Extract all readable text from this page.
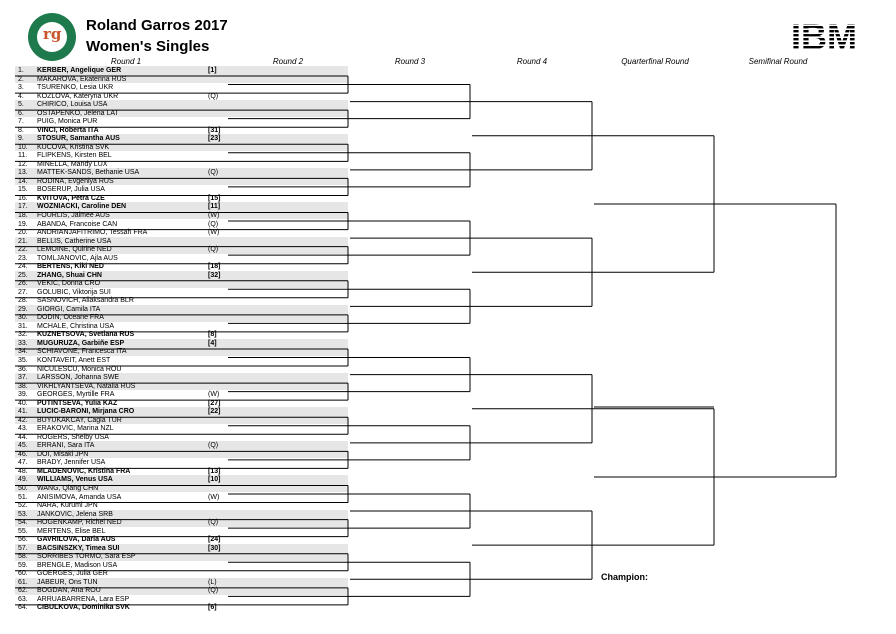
rg Roland Garros 2017
Women's Singles	IBM
Round 1	Round 2	Round 3	Round 4	Quarterfinal Round	Semifinal Round
1. KERBER, Angelique GER	[1]
2. MAKAROVA, Ekaterina RUS
3. TSURENKO, Lesia UKR
4. KOZLOVA, Kateryna UKR	(Q)
5. CHIRICO, Louisa USA
6. OSTAPENKO, Jelena LAT
7. PUIG, Monica PUR
8. VINCI, Roberta ITA	[31]
9. STOSUR, Samantha AUS	[23]
10. KUCOVA, Kristina SVK
11. FLIPKENS, Kirsten BEL
12. MINELLA, Mandy LUX
13. MATTEK-SANDS, Bethanie USA	(Q)
14. RODINA, Evgeniya RUS
15. BOSERUP, Julia USA
16. KVITOVA, Petra CZE	[15]
17. WOZNIACKI, Caroline DEN	[11]
18. FOURLIS, Jaimee AUS	(W)
19. ABANDA, Francoise CAN	(Q)
20. ANDRIANJAFITRIMO, Tessah FRA	(W)
21. BELLIS, Catherine USA
22. LEMOINE, Quirine NED	(Q)
23. TOMLJANOVIC, Ajla AUS
24. BERTENS, Kiki NED	[18]
25. ZHANG, Shuai CHN	[32]
26. VEKIC, Donna CRO
27. GOLUBIC, Viktorija SUI
28. SASNOVICH, Aliaksandra BLR
29. GIORGI, Camila ITA
30. DODIN, Oceane FRA
31. MCHALE, Christina USA
32. KUZNETSOVA, Svetlana RUS	[8]
33. MUGURUZA, Garbiñe ESP	[4]
34. SCHIAVONE, Francesca ITA
35. KONTAVEIT, Anett EST
36. NICULESCU, Monica ROU
37. LARSSON, Johanna SWE
38. VIKHLYANTSEVA, Natalia RUS
39. GEORGES, Myrtille FRA	(W)
40. PUTINTSEVA, Yulia KAZ	[27]
41. LUCIC-BARONI, Mirjana CRO	[22]
42. BUYUKAKCAY, Cagla TUR
43. ERAKOVIC, Marina NZL
44. ROGERS, Shelby USA
45. ERRANI, Sara ITA	(Q)
46. DOI, Misaki JPN
47. BRADY, Jennifer USA
48. MLADENOVIC, Kristina FRA	[13]
49. WILLIAMS, Venus USA	[10]
50. WANG, Qiang CHN
51. ANISIMOVA, Amanda USA	(W)
52. NARA, Kurumi JPN
53. JANKOVIC, Jelena SRB
54. HOGENKAMP, Richel NED	(Q)
55. MERTENS, Elise BEL
56. GAVRILOVA, Daria AUS	[24]
57. BACSINSZKY, Timea SUI	[30]
58. SORRIBES TORMO, Sara ESP
59. BRENGLE, Madison USA
60. GOERGES, Julia GER
61. JABEUR, Ons TUN	(L)
62. BOGDAN, Ana ROU	(Q)
63. ARRUABARRENA, Lara ESP
64. CIBULKOVA, Dominika SVK	[6]
Champion:
